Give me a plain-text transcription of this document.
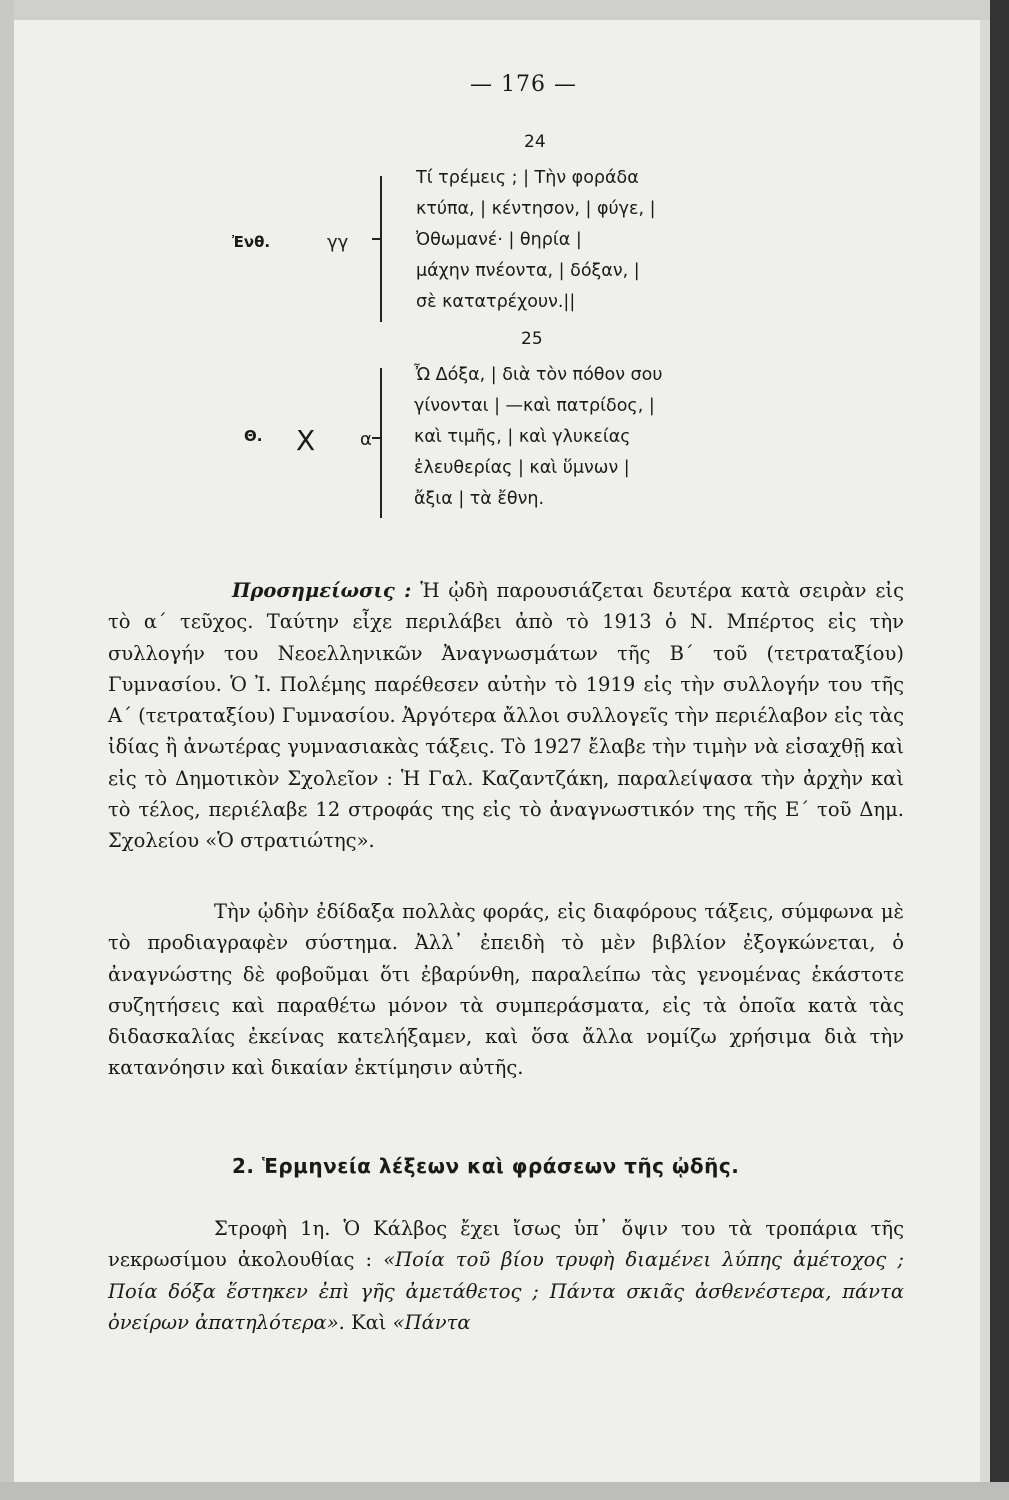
— 176 —
24
Ἐνθ.	γγ
Τί τρέμεις ; | Τὴν φοράδα
κτύπα, | κέντησον, | φύγε, |
Ὀθωμανέ· | θηρία |
μάχην πνέοντα, | δόξαν, |
σὲ κατατρέχουν.||
25
Θ. Χ α
Ὦ Δόξα, | διὰ τὸν πόθον σου
γίνονται | —καὶ πατρίδος, |
καὶ τιμῆς, | καὶ γλυκείας
ἐλευθερίας | καὶ ὕμνων |
ἄξια | τὰ ἔθνη.

Προσημείωσις : Ἡ ᾠδὴ παρουσιάζεται δευτέρα κατὰ σειρὰν εἰς τὸ α΄ τεῦχος. Ταύτην εἶχε περιλάβει ἀπὸ τὸ 1913 ὁ Ν. Μπέρτος εἰς τὴν συλλογήν του Νεοελληνικῶν Ἀναγνωσμάτων τῆς Β΄ τοῦ (τετραταξίου) Γυμνασίου. Ὁ Ἰ. Πολέμης παρέθεσεν αὐτὴν τὸ 1919 εἰς τὴν συλλογήν του τῆς Α΄ (τετραταξίου) Γυμνασίου. Ἀργότερα ἄλλοι συλλογεῖς τὴν περιέλαβον εἰς τὰς ἰδίας ἢ ἀνωτέρας γυμνασιακὰς τάξεις. Τὸ 1927 ἔλαβε τὴν τιμὴν νὰ εἰσαχθῇ καὶ εἰς τὸ Δημοτικὸν Σχολεῖον : Ἡ Γαλ. Καζαντζάκη, παραλείψασα τὴν ἀρχὴν καὶ τὸ τέλος, περιέλαβε 12 στροφάς της εἰς τὸ ἀναγνωστικόν της τῆς Ε΄ τοῦ Δημ. Σχολείου «Ὁ στρατιώτης».

Τὴν ᾠδὴν ἐδίδαξα πολλὰς φοράς, εἰς διαφόρους τάξεις, σύμφωνα μὲ τὸ προδιαγραφὲν σύστημα. Ἀλλ᾽ ἐπειδὴ τὸ μὲν βιβλίον ἐξογκώνεται, ὁ ἀναγνώστης δὲ φοβοῦμαι ὅτι ἐβαρύνθη, παραλείπω τὰς γενομένας ἑκάστοτε συζητήσεις καὶ παραθέτω μόνον τὰ συμπεράσματα, εἰς τὰ ὁποῖα κατὰ τὰς διδασκαλίας ἐκείνας κατελήξαμεν, καὶ ὅσα ἄλλα νομίζω χρήσιμα διὰ τὴν κατανόησιν καὶ δικαίαν ἐκτίμησιν αὐτῆς.
2. Ἑρμηνεία λέξεων καὶ φράσεων τῆς ᾠδῆς.

Στροφὴ 1η. Ὁ Κάλβος ἔχει ἴσως ὑπ᾽ ὄψιν του τὰ τροπάρια τῆς νεκρωσίμου ἀκολουθίας : «Ποία τοῦ βίου τρυφὴ διαμένει λύπης ἀμέτοχος ; Ποία δόξα ἕστηκεν ἐπὶ γῆς ἀμετάθετος ; Πάντα σκιᾶς ἀσθενέστερα, πάντα ὀνείρων ἀπατηλότερα». Καὶ «Πάντα
